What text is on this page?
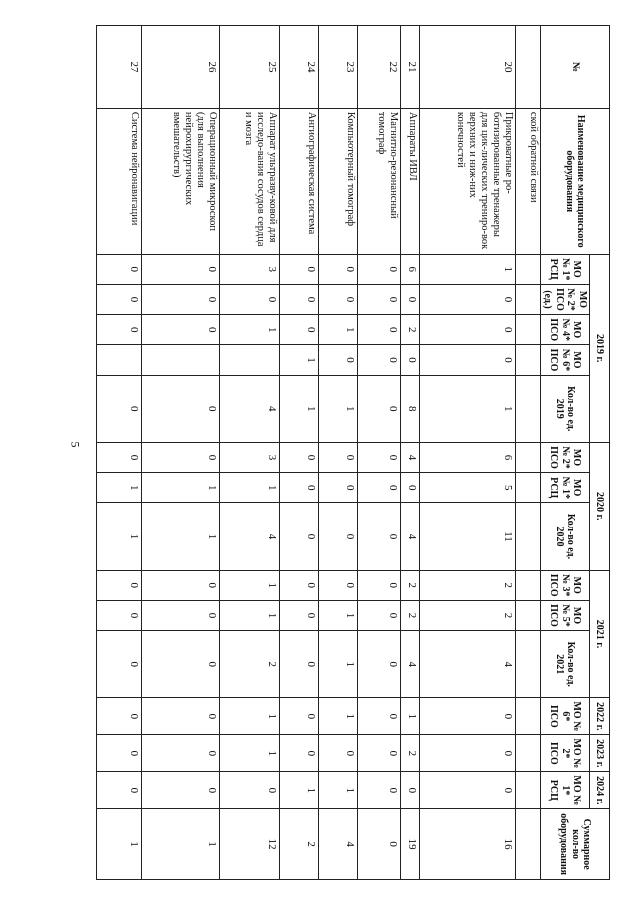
5
№	Наименование медицинского оборудования	2019 г.					2020 г.			2021 г.			2022 г.	2023 г.	2024 г.	Суммарное кол-во оборудования
		МО № 1* РСЦ	МО № 2* ПСО (ед.)	МО № 4* ПСО	МО № 6* ПСО	Кол-во ед. 2019	МО № 2* ПСО	МО № 1* РСЦ	Кол-во ед. 2020	МО № 3* ПСО	МО № 5* ПСО	Кол-во ед. 2021	МО № 6* ПСО	МО № 2* ПСО	МО № 1* РСЦ	
	ской обратной связи															
20	Прикроватные ро-ботизированные тренажеры для цик-лических трениро-вок верхних и ниж-них конечностей	1	0	0	0	1	6	5	11	2	2	4	0	0	0	16
21	Аппараты ИВЛ	6	0	2	0	8	4	0	4	2	2	4	1	2	0	19
22	Магнитно-резонансный томограф	0	0	0	0	0	0	0	0	0	0	0	0	0	0	0
23	Компьютерный томограф	0	0	1	0	1	0	0	0	0	1	1	1	0	1	4
24	Ангиографическая система	0	0	0	1	1	0	0	0	0	0	0	0	0	1	2
25	Аппарат ультразву-ковой для исследо-вания сосудов сердца и мозга	3	0	1		4	3	1	4	1	1	2	1	1	0	12
26	Операционный микроскоп (для выполнения нейрохирургических вмешательств)	0	0	0		0	0	1	1	0	0	0	0	0	0	1
27	Система нейронавигации	0	0	0		0	0	1	1	0	0	0	0	0	0	1
